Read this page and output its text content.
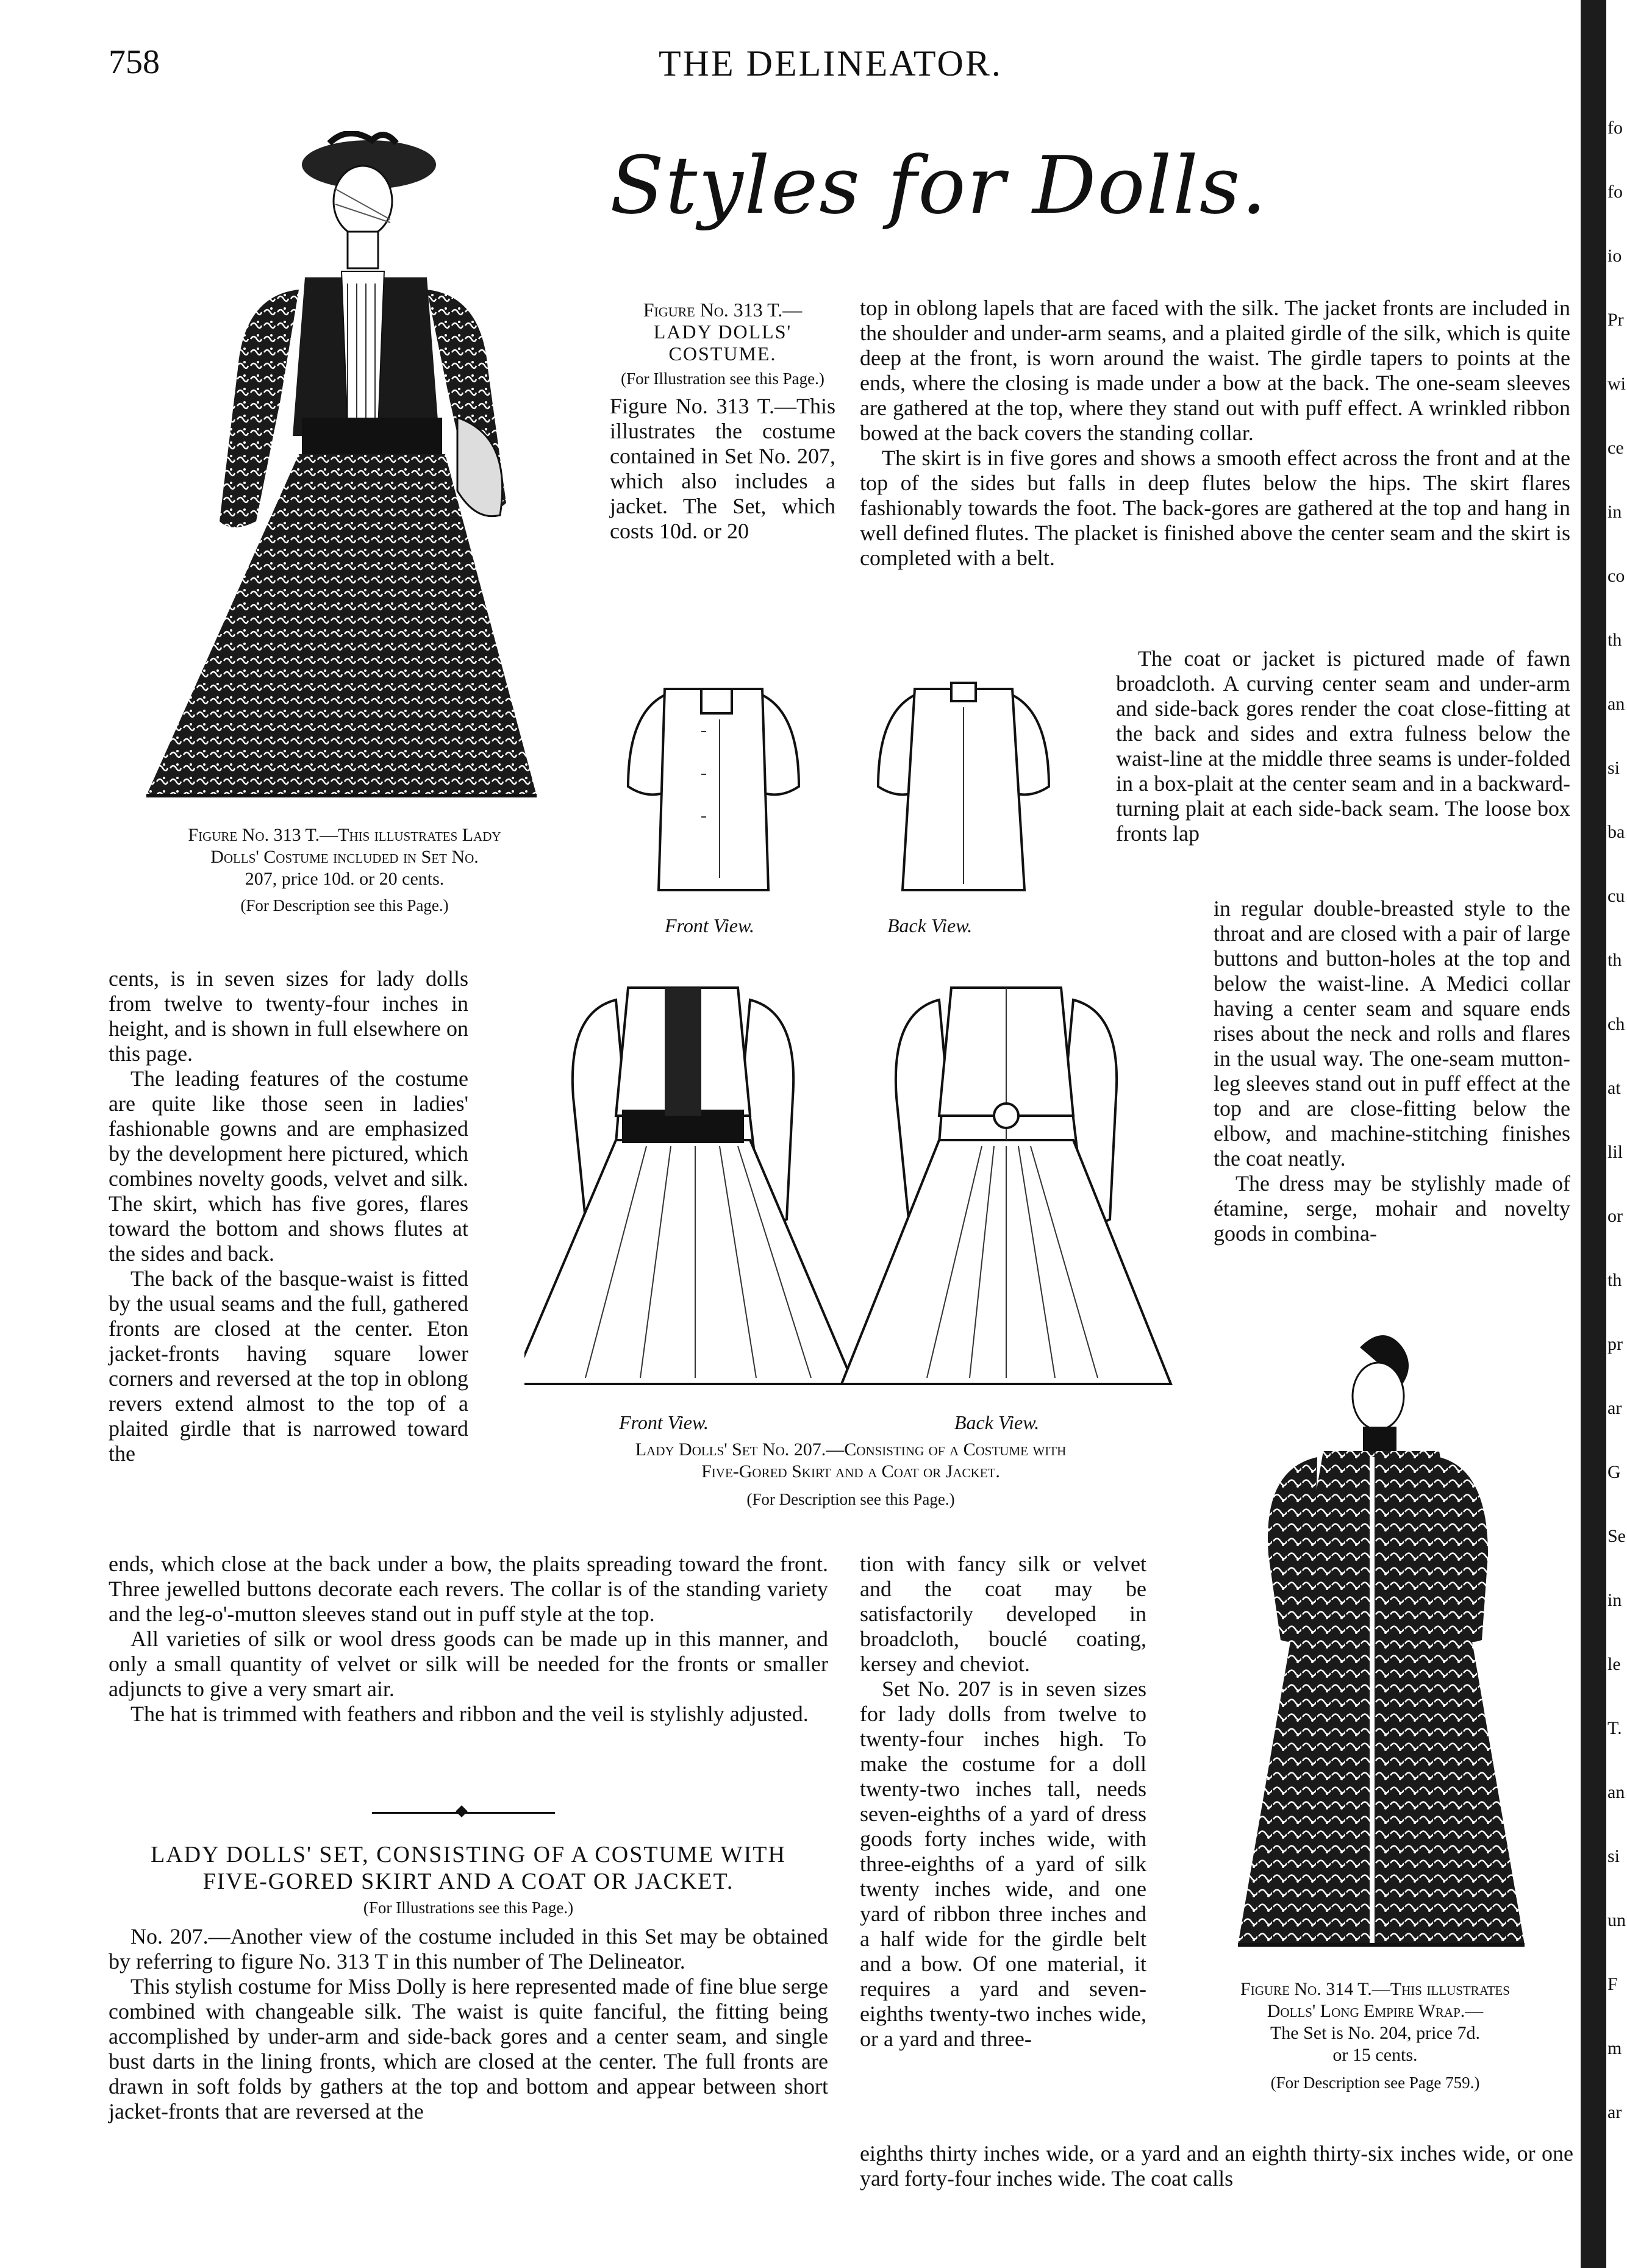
758	THE DELINEATOR.
Styles for Dolls.
Figure No. 313 T.—This illustrates Lady
Dolls' Costume included in Set No.
207, price 10d. or 20 cents.
(For Description see this Page.)

cents, is in seven sizes for lady dolls from twelve to twenty-four inches in height, and is shown in full elsewhere on this page.

The leading features of the costume are quite like those seen in ladies' fashionable gowns and are emphasized by the development here pictured, which combines novelty goods, velvet and silk. The skirt, which has five gores, flares toward the bottom and shows flutes at the sides and back.

The back of the basque-waist is fitted by the usual seams and the full, gathered fronts are closed at the center. Eton jacket-fronts having square lower corners and reversed at the top in oblong revers extend almost to the top of a plaited girdle that is narrowed toward the

ends, which close at the back under a bow, the plaits spreading toward the front. Three jewelled buttons decorate each revers. The collar is of the standing variety and the leg-o'-mutton sleeves stand out in puff style at the top.

All varieties of silk or wool dress goods can be made up in this manner, and only a small quantity of velvet or silk will be needed for the fronts or smaller adjuncts to give a very smart air.

The hat is trimmed with feathers and ribbon and the veil is stylishly adjusted.

LADY DOLLS' SET, CONSISTING OF A COSTUME WITH
FIVE-GORED SKIRT AND A COAT OR JACKET.
(For Illustrations see this Page.)

No. 207.—Another view of the costume included in this Set may be obtained by referring to figure No. 313 T in this number of The Delineator.

This stylish costume for Miss Dolly is here represented made of fine blue serge combined with changeable silk. The waist is quite fanciful, the fitting being accomplished by under-arm and side-back gores and a center seam, and single bust darts in the lining fronts, which are closed at the center. The full fronts are drawn in soft folds by gathers at the top and bottom and appear between short jacket-fronts that are reversed at the

Figure No. 313 T.—
LADY DOLLS'
COSTUME.
(For Illustration see this Page.)

Figure No. 313 T.—This illustrates the costume contained in Set No. 207, which also includes a jacket. The Set, which costs 10d. or 20

top in oblong lapels that are faced with the silk. The jacket fronts are included in the shoulder and under-arm seams, and a plaited girdle of the silk, which is quite deep at the front, is worn around the waist. The girdle tapers to points at the ends, where the closing is made under a bow at the back. The one-seam sleeves are gathered at the top, where they stand out with puff effect. A wrinkled ribbon bowed at the back covers the standing collar.

The skirt is in five gores and shows a smooth effect across the front and at the top of the sides but falls in deep flutes below the hips. The skirt flares fashionably towards the foot. The back-gores are gathered at the top and hang in well defined flutes. The placket is finished above the center seam and the skirt is completed with a belt.

Front View.	Back View.
Front View.	Back View.
Lady Dolls' Set No. 207.—Consisting of a Costume with
Five-Gored Skirt and a Coat or Jacket.
(For Description see this Page.)

The coat or jacket is pictured made of fawn broadcloth. A curving center seam and under-arm and side-back gores render the coat close-fitting at the back and sides and extra fulness below the waist-line at the middle three seams is under-folded in a box-plait at the center seam and in a backward-turning plait at each side-back seam. The loose box fronts lap

in regular double-breasted style to the throat and are closed with a pair of large buttons and button-holes at the top and below the waist-line. A Medici collar having a center seam and square ends rises about the neck and rolls and flares in the usual way. The one-seam mutton-leg sleeves stand out in puff effect at the top and are close-fitting below the elbow, and machine-stitching finishes the coat neatly.

The dress may be stylishly made of étamine, serge, mohair and novelty goods in combina-

tion with fancy silk or velvet and the coat may be satisfactorily developed in broadcloth, bouclé coating, kersey and cheviot.

Set No. 207 is in seven sizes for lady dolls from twelve to twenty-four inches high. To make the costume for a doll twenty-two inches tall, needs seven-eighths of a yard of dress goods forty inches wide, with three-eighths of a yard of silk twenty inches wide, and one yard of ribbon three inches and a half wide for the girdle belt and a bow. Of one material, it requires a yard and seven-eighths twenty-two inches wide, or a yard and three-

eighths thirty inches wide, or a yard and an eighth thirty-six inches wide, or one yard forty-four inches wide. The coat calls

Figure No. 314 T.—This illustrates
Dolls' Long Empire Wrap.—
The Set is No. 204, price 7d.
or 15 cents.
(For Description see Page 759.)
fo
fo
io
Pr
wi
ce
in
co
th
an
si
ba
cu
th
ch
at
lil
or
th
pr
ar
G
Se
in
le
T.
an
si
un
F
m
ar
